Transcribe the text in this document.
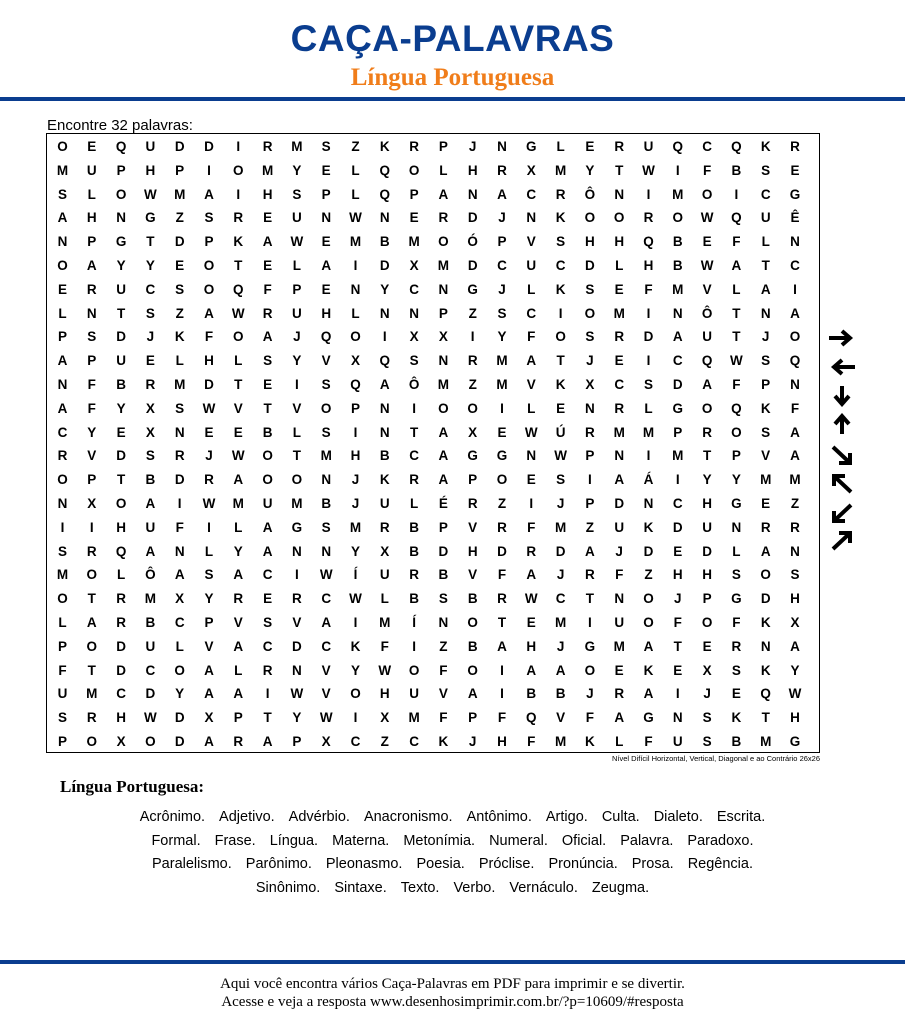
CAÇA-PALAVRAS
Língua Portuguesa
Encontre 32 palavras:
O	E	Q	U	D	D	I	R	M	S	Z	K	R	P	J	N	G	L	E	R	U	Q	C	Q	K	R
M	U	P	H	P	I	O	M	Y	E	L	Q	O	L	H	R	X	M	Y	T	W	I	F	B	S	E
S	L	O	W	M	A	I	H	S	P	L	Q	P	A	N	A	C	R	Ô	N	I	M	O	I	C	G
A	H	N	G	Z	S	R	E	U	N	W	N	E	R	D	J	N	K	O	O	R	O	W	Q	U	Ê
N	P	G	T	D	P	K	A	W	E	M	B	M	O	Ó	P	V	S	H	H	Q	B	E	F	L	N
O	A	Y	Y	E	O	T	E	L	A	I	D	X	M	D	C	U	C	D	L	H	B	W	A	T	C
E	R	U	C	S	O	Q	F	P	E	N	Y	C	N	G	J	L	K	S	E	F	M	V	L	A	I
L	N	T	S	Z	A	W	R	U	H	L	N	N	P	Z	S	C	I	O	M	I	N	Ô	T	N	A
P	S	D	J	K	F	O	A	J	Q	O	I	X	X	I	Y	F	O	S	R	D	A	U	T	J	O
A	P	U	E	L	H	L	S	Y	V	X	Q	S	N	R	M	A	T	J	E	I	C	Q	W	S	Q
N	F	B	R	M	D	T	E	I	S	Q	A	Ô	M	Z	M	V	K	X	C	S	D	A	F	P	N
A	F	Y	X	S	W	V	T	V	O	P	N	I	O	O	I	L	E	N	R	L	G	O	Q	K	F
C	Y	E	X	N	E	E	B	L	S	I	N	T	A	X	E	W	Ú	R	M	M	P	R	O	S	A
R	V	D	S	R	J	W	O	T	M	H	B	C	A	G	G	N	W	P	N	I	M	T	P	V	A
O	P	T	B	D	R	A	O	O	N	J	K	R	A	P	O	E	S	I	A	Á	I	Y	Y	M	M
N	X	O	A	I	W	M	U	M	B	J	U	L	É	R	Z	I	J	P	D	N	C	H	G	E	Z
I	I	H	U	F	I	L	A	G	S	M	R	B	P	V	R	F	M	Z	U	K	D	U	N	R	R
S	R	Q	A	N	L	Y	A	N	N	Y	X	B	D	H	D	R	D	A	J	D	E	D	L	A	N
M	O	L	Ô	A	S	A	C	I	W	Í	U	R	B	V	F	A	J	R	F	Z	H	H	S	O	S
O	T	R	M	X	Y	R	E	R	C	W	L	B	S	B	R	W	C	T	N	O	J	P	G	D	H
L	A	R	B	C	P	V	S	V	A	I	M	Í	N	O	T	E	M	I	U	O	F	O	F	K	X
P	O	D	U	L	V	A	C	D	C	K	F	I	Z	B	A	H	J	G	M	A	T	E	R	N	A
F	T	D	C	O	A	L	R	N	V	Y	W	O	F	O	I	A	A	O	E	K	E	X	S	K	Y
U	M	C	D	Y	A	A	I	W	V	O	H	U	V	A	I	B	B	J	R	A	I	J	E	Q	W
S	R	H	W	D	X	P	T	Y	W	I	X	M	F	P	F	Q	V	F	A	G	N	S	K	T	H
P	O	X	O	D	A	R	A	P	X	C	Z	C	K	J	H	F	M	K	L	F	U	S	B	M	G
Nível Difícil Horizontal, Vertical, Diagonal e ao Contrário 26x26
Língua Portuguesa:
Acrônimo. Adjetivo. Advérbio. Anacronismo. Antônimo. Artigo. Culta. Dialeto. Escrita.
Formal. Frase. Língua. Materna. Metonímia. Numeral. Oficial. Palavra. Paradoxo.
Paralelismo. Parônimo. Pleonasmo. Poesia. Próclise. Pronúncia. Prosa. Regência.
Sinônimo. Sintaxe. Texto. Verbo. Vernáculo. Zeugma.
Aqui você encontra vários Caça-Palavras em PDF para imprimir e se divertir.
Acesse e veja a resposta www.desenhosimprimir.com.br/?p=10609/#resposta
